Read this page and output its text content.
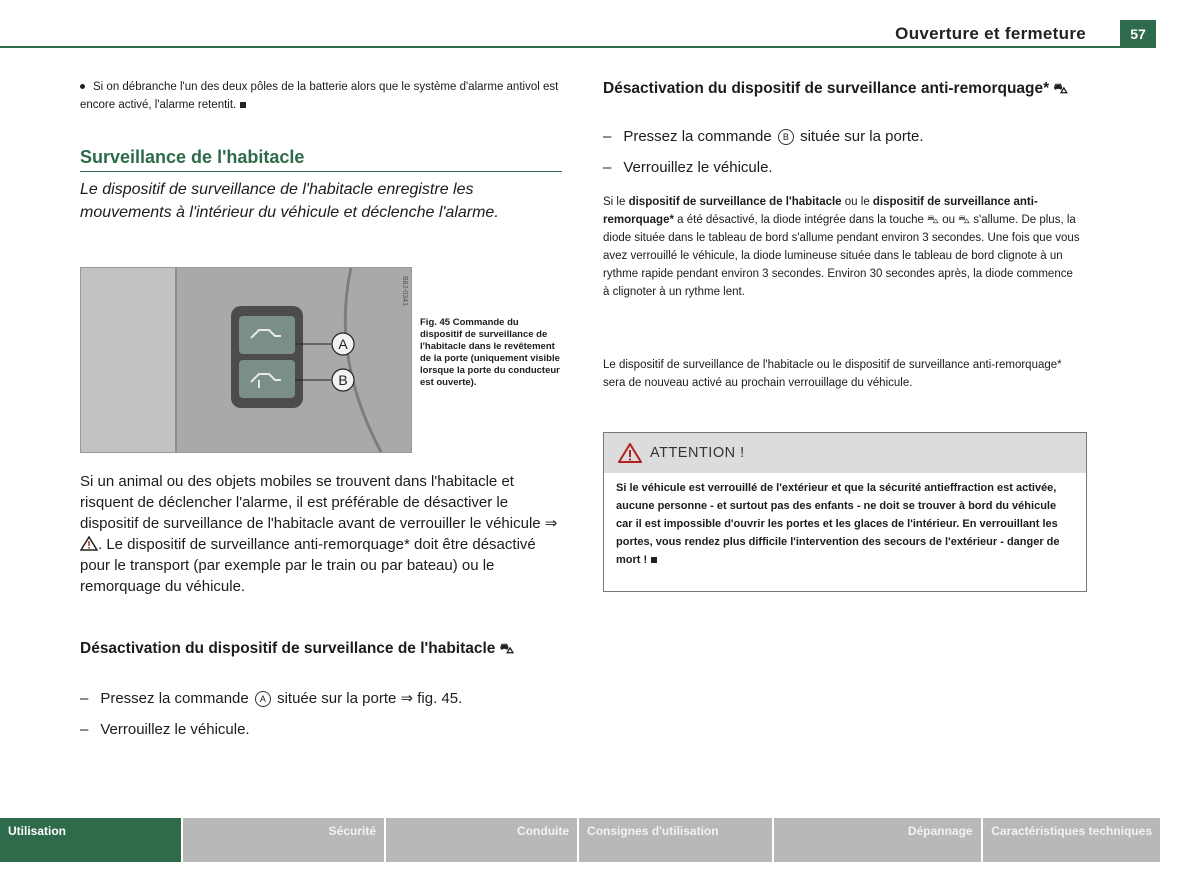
Ouverture et fermeture	57
Si on débranche l'un des deux pôles de la batterie alors que le système d'alarme antivol est encore activé, l'alarme retentit.
Surveillance de l'habitacle
Le dispositif de surveillance de l'habitacle enregistre les mouvements à l'intérieur du véhicule et déclenche l'alarme.
A
B
B8J-0341
Fig. 45 Commande du dispositif de surveillance de l'habitacle dans le revêtement de la porte (uniquement visible lorsque la porte du conducteur est ouverte).
Si un animal ou des objets mobiles se trouvent dans l'habitacle et risquent de déclencher l'alarme, il est préférable de désactiver le dispositif de surveillance de l'habitacle avant de verrouiller le véhicule ⇒ . Le dispositif de surveillance anti-remorquage* doit être désactivé pour le transport (par exemple par le train ou par bateau) ou le remorquage du véhicule.
Désactivation du dispositif de surveillance de l'habitacle ⛍
– Pressez la commande A située sur la porte ⇒ fig. 45.
– Verrouillez le véhicule.
Désactivation du dispositif de surveillance anti-remorquage* ⛍
– Pressez la commande B située sur la porte.
– Verrouillez le véhicule.
Si le dispositif de surveillance de l'habitacle ou le dispositif de surveillance anti-remorquage* a été désactivé, la diode intégrée dans la touche ⛍ ou ⛍ s'allume. De plus, la diode située dans le tableau de bord s'allume pendant environ 3 secondes. Une fois que vous avez verrouillé le véhicule, la diode lumineuse située dans le tableau de bord clignote à un rythme rapide pendant environ 3 secondes. Environ 30 secondes après, la diode commence à clignoter à un rythme lent.
Le dispositif de surveillance de l'habitacle ou le dispositif de surveillance anti-remorquage* sera de nouveau activé au prochain verrouillage du véhicule.
ATTENTION !
Si le véhicule est verrouillé de l'extérieur et que la sécurité antieffraction est activée, aucune personne - et surtout pas des enfants - ne doit se trouver à bord du véhicule car il est impossible d'ouvrir les portes et les glaces de l'intérieur. En verrouillant les portes, vous rendez plus difficile l'intervention des secours de l'extérieur - danger de mort !
Utilisation	Sécurité	Conduite	Consignes d'utilisation	Dépannage	Caractéristiques techniques
